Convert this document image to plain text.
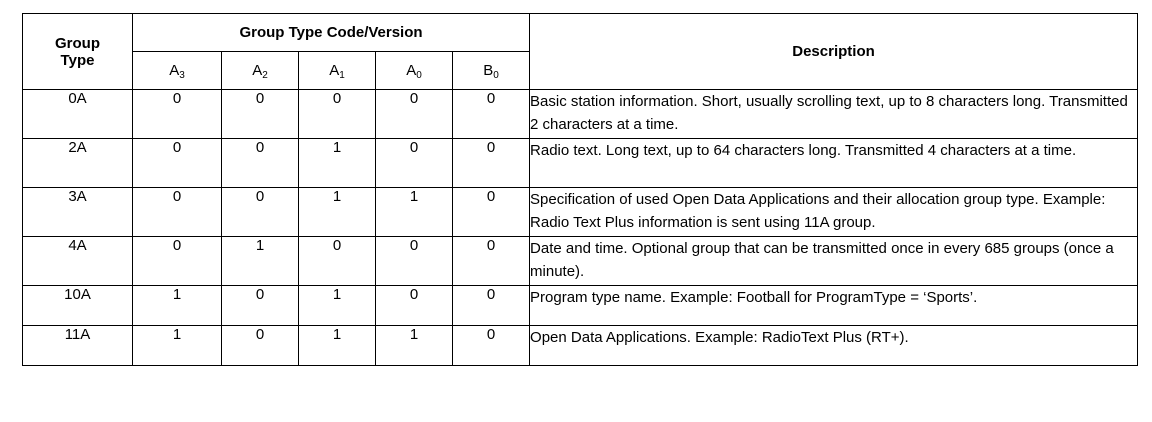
Group Type	Group Type Code/Version					Description
	$A_3$	$A_2$	$A_1$	$A_0$	$B_0$
0A	0	0	0	0	0	Basic station information. Short, usually scrolling text, up to 8 characters long. Transmitted 2 characters at a time.
2A	0	0	1	0	0	Radio text. Long text, up to 64 characters long. Transmitted 4 characters at a time.
3A	0	0	1	1	0	Specification of used Open Data Applications and their allocation group type. Example: Radio Text Plus information is sent using 11A group.
4A	0	1	0	0	0	Date and time. Optional group that can be transmitted once in every 685 groups (once a minute).
10A	1	0	1	0	0	Program type name. Example: Football for ProgramType = ‘Sports’.
11A	1	0	1	1	0	Open Data Applications. Example: RadioText Plus (RT+).
